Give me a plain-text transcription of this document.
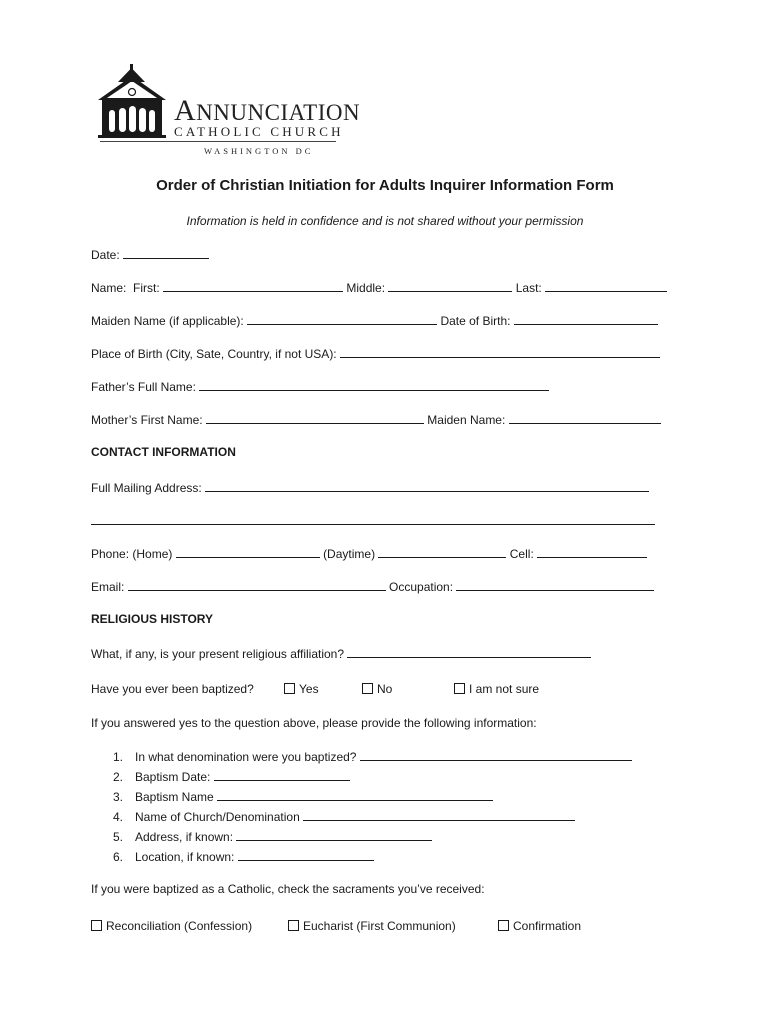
ANNUNCIATION
CATHOLIC CHURCH
WASHINGTON DC
Order of Christian Initiation for Adults Inquirer Information Form
Information is held in confidence and is not shared without your permission
Date:
Name:  First:	Middle:	Last:
Maiden Name (if applicable):	Date of Birth:
Place of Birth (City, Sate, Country, if not USA):
Father’s Full Name:
Mother’s First Name:	Maiden Name:
CONTACT INFORMATION
Full Mailing Address:
Phone: (Home)	(Daytime)	Cell:
Email:	Occupation:
RELIGIOUS HISTORY
What, if any, is your present religious affiliation?
Have you ever been baptized?	Yes	No	I am not sure
If you answered yes to the question above, please provide the following information:
1. In what denomination were you baptized?
2. Baptism Date:
3. Baptism Name
4. Name of Church/Denomination
5. Address, if known:
6. Location, if known:
If you were baptized as a Catholic, check the sacraments you’ve received:
Reconciliation (Confession)	Eucharist (First Communion)	Confirmation
